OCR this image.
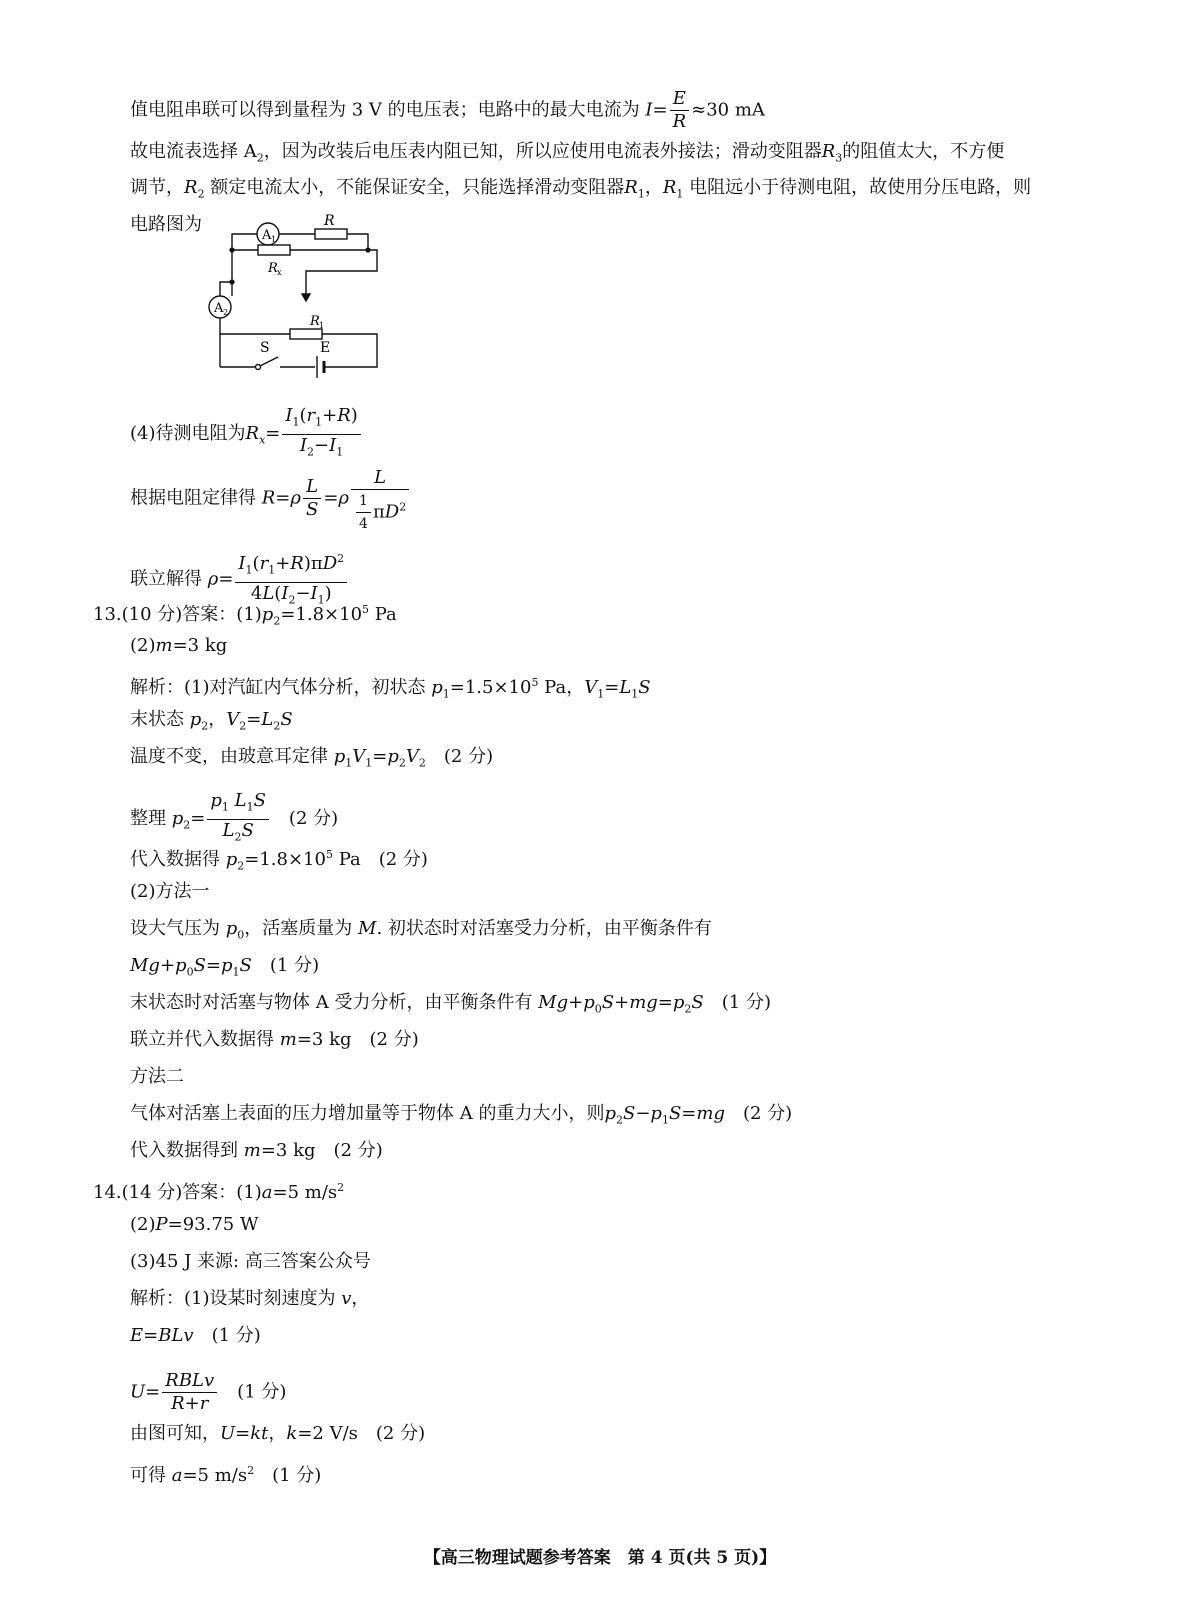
值电阻串联可以得到量程为 3 V 的电压表；电路中的最大电流为 $I= \frac{E}{R} \approx 30$ mA
故电流表选择 $A_2$，因为改装后电压表内阻已知，所以应使用电流表外接法；滑动变阻器$R_3$的阻值太大，不方便
调节，$R_2$ 额定电流太小，不能保证安全，只能选择滑动变阻器$R_1$，$R_1$ 电阻远小于待测电阻，故使用分压电路，则
电路图为
A 1
A 2
R
R x
R 1
S	E
(4)待测电阻为$R_x= \frac{I_1(r_1+R)}{I_2-I_1}$
根据电阻定律得 $R=\rho \frac{L}{S} =\rho \frac{L}{\frac{1}{4} \pi D^2}$
联立解得 $\rho= \frac{I_1(r_1+R)\pi D^2}{4L(I_2-I_1)}$
13.(10 分)答案：$(1)p_2=1.8\times 10^5$ Pa
(2)m=3 kg
解析：(1)对汽缸内气体分析，初状态 $p_1=1.5\times 10^5$ Pa，$V_1=L_1S$
末状态 $p_2$，$V_2=L_2S$
温度不变，由玻意耳定律 $p_1V_1=p_2V_2$　 (2 分)
整理 $p_2= \frac{p_1 L_1S}{L_2S}$
　 (2 分)
代入数据得 $p_2=1.8\times 10^5$ Pa　 (2 分)
(2)方法一
设大气压为 $p_0$，活塞质量为 M. 初状态时对活塞受力分析，由平衡条件有
$Mg+p_0S=p_1S$　 (1 分)
末状态时对活塞与物体 A 受力分析，由平衡条件有 $Mg+p_0S+mg=p_2S$　 (1 分)
联立并代入数据得 m=3 kg　 (2 分)
方法二
气体对活塞上表面的压力增加量等于物体 A 的重力大小，则$p_2S-p_1S=mg$　 (2 分)
代入数据得到 m=3 kg　 (2 分)
14.(14 分)答案：(1)a=5 $m/s^2$
(2)P=93.75 W
(3)45 J 来源: 高三答案公众号
解析：(1)设某时刻速度为 v，
E=BLv　 (1 分)
$U= \frac{\text{RBLv}}{R+r}$
　 (1 分)
由图可知，U=kt，k=2 V/s　 (2 分)
可得 a=5 $m/s^2$　 (1 分)
【高三物理试题参考答案　第 4 页(共 5 页)】
